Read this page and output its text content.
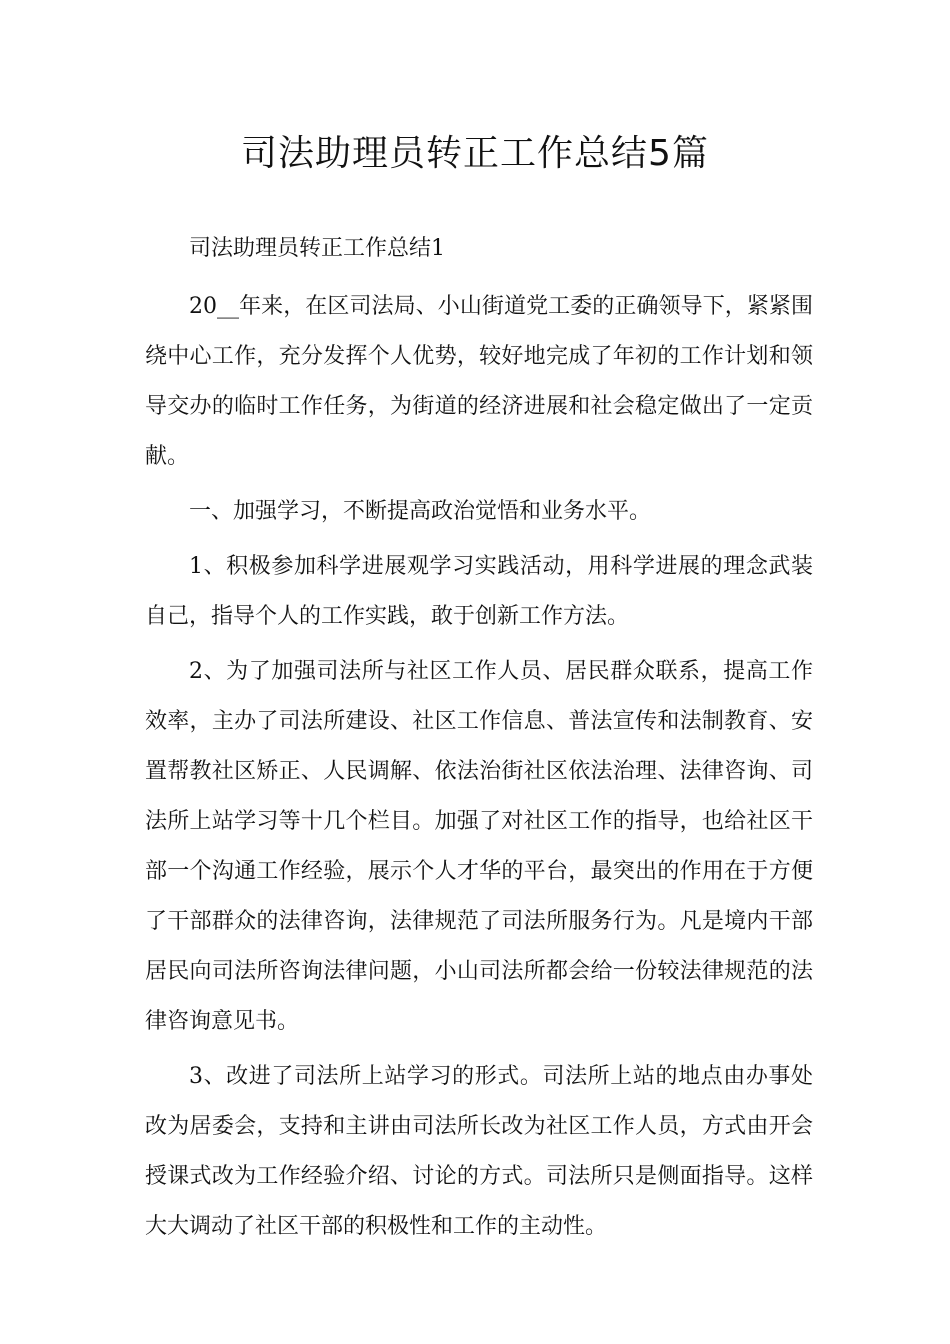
司法助理员转正工作总结5篇

司法助理员转正工作总结1

20__年来，在区司法局、小山街道党工委的正确领导下，紧紧围绕中心工作，充分发挥个人优势，较好地完成了年初的工作计划和领导交办的临时工作任务，为街道的经济进展和社会稳定做出了一定贡献。

一、加强学习，不断提高政治觉悟和业务水平。

1、积极参加科学进展观学习实践活动，用科学进展的理念武装自己，指导个人的工作实践，敢于创新工作方法。

2、为了加强司法所与社区工作人员、居民群众联系，提高工作效率，主办了司法所建设、社区工作信息、普法宣传和法制教育、安置帮教社区矫正、人民调解、依法治街社区依法治理、法律咨询、司法所上站学习等十几个栏目。加强了对社区工作的指导，也给社区干部一个沟通工作经验，展示个人才华的平台，最突出的作用在于方便了干部群众的法律咨询，法律规范了司法所服务行为。凡是境内干部居民向司法所咨询法律问题，小山司法所都会给一份较法律规范的法律咨询意见书。

3、改进了司法所上站学习的形式。司法所上站的地点由办事处改为居委会，支持和主讲由司法所长改为社区工作人员，方式由开会授课式改为工作经验介绍、讨论的方式。司法所只是侧面指导。这样大大调动了社区干部的积极性和工作的主动性。
